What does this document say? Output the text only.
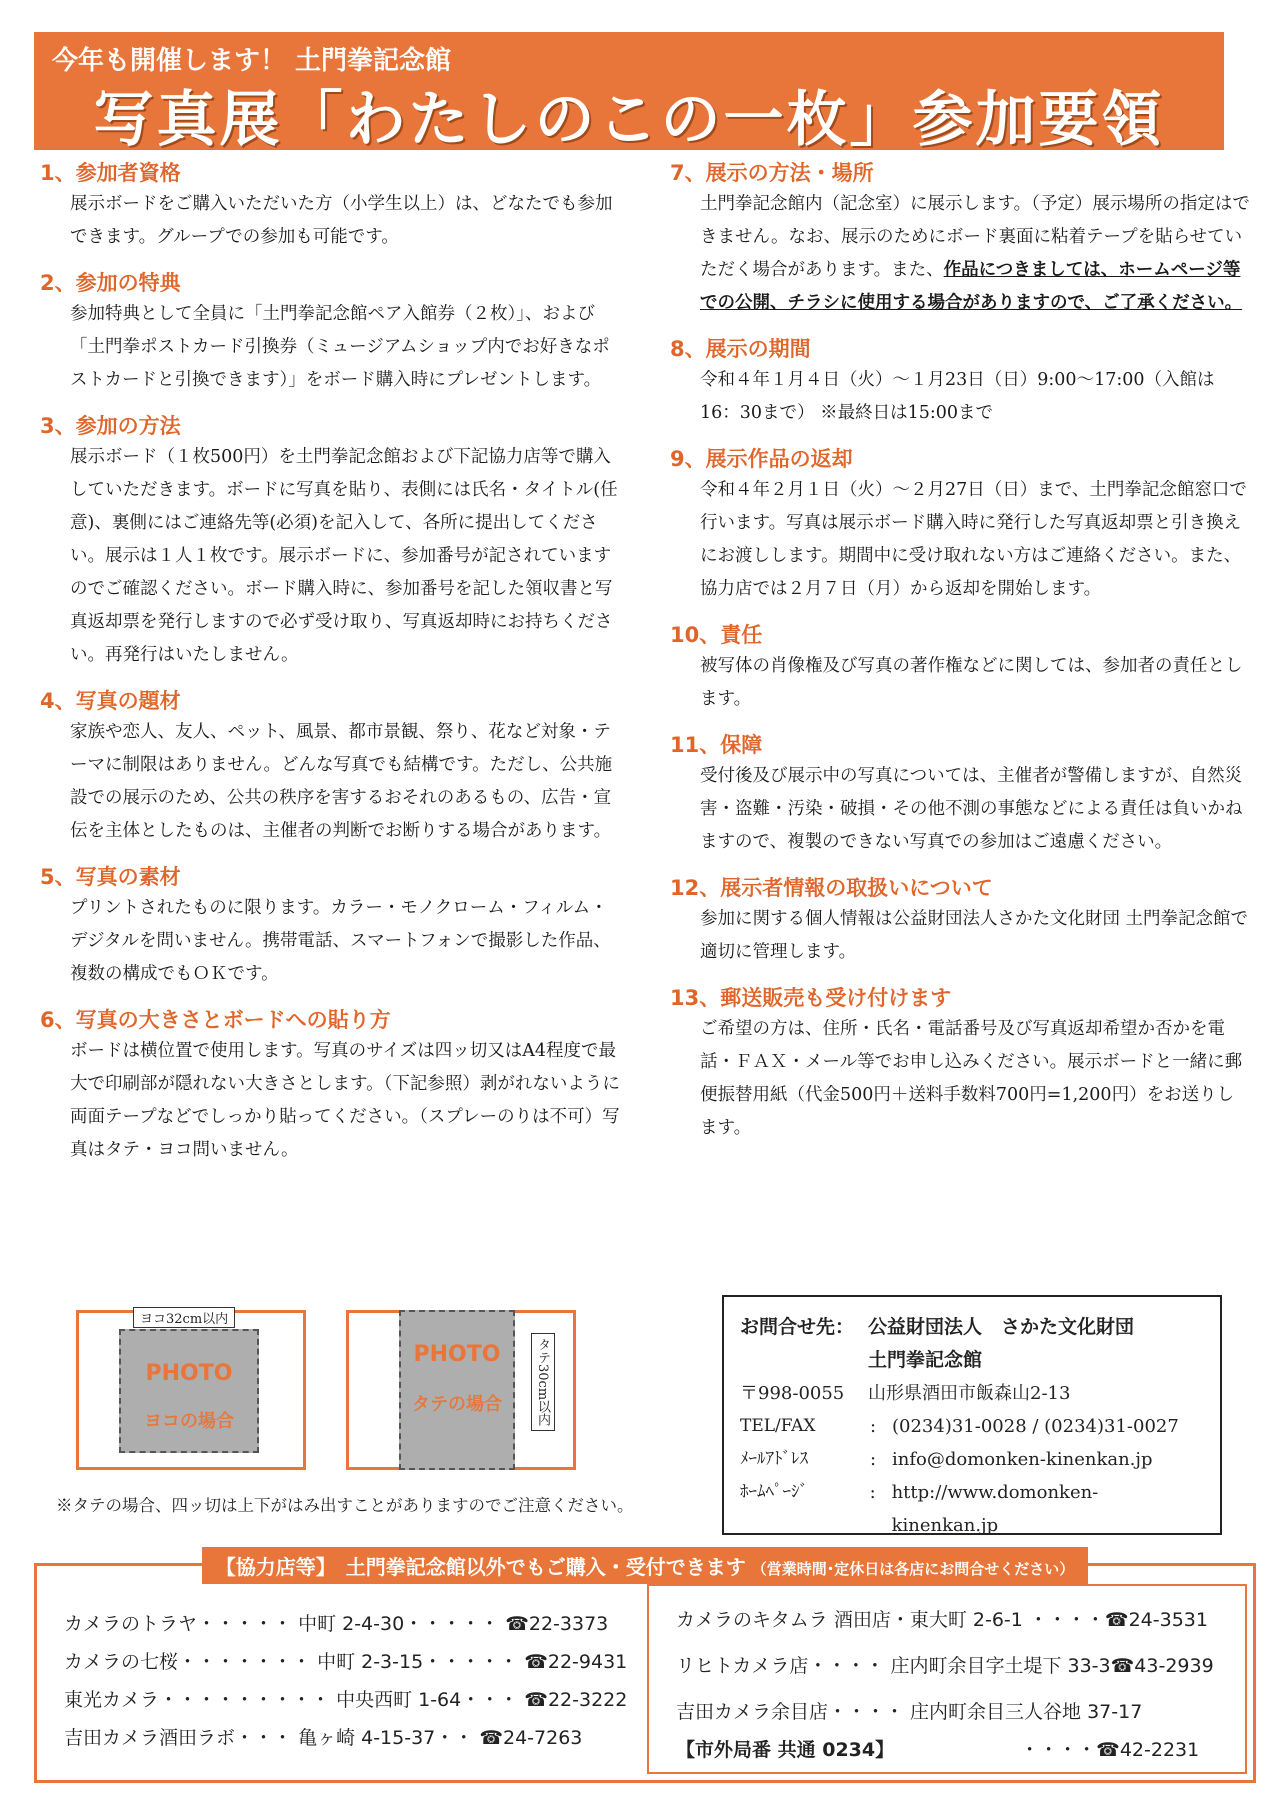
今年も開催します！ 土門拳記念館
写真展「わたしのこの一枚」参加要領
1、参加者資格
展示ボードをご購入いただいた方（小学生以上）は、どなたでも参加できます。グループでの参加も可能です。
2、参加の特典
参加特典として全員に「土門拳記念館ペア入館券（２枚）」、および「土門拳ポストカード引換券（ミュージアムショップ内でお好きなポストカードと引換できます）」をボード購入時にプレゼントします。
3、参加の方法
展示ボード（１枚500円）を土門拳記念館および下記協力店等で購入していただきます。ボードに写真を貼り、表側には氏名・タイトル(任意)、裏側にはご連絡先等(必須)を記入して、各所に提出してください。展示は１人１枚です。展示ボードに、参加番号が記されていますのでご確認ください。ボード購入時に、参加番号を記した領収書と写真返却票を発行しますので必ず受け取り、写真返却時にお持ちください。再発行はいたしません。
4、写真の題材
家族や恋人、友人、ペット、風景、都市景観、祭り、花など対象・テーマに制限はありません。どんな写真でも結構です。ただし、公共施設での展示のため、公共の秩序を害するおそれのあるもの、広告・宣伝を主体としたものは、主催者の判断でお断りする場合があります。
5、写真の素材
プリントされたものに限ります。カラー・モノクローム・フィルム・デジタルを問いません。携帯電話、スマートフォンで撮影した作品、複数の構成でもＯＫです。
6、写真の大きさとボードへの貼り方
ボードは横位置で使用します。写真のサイズは四ッ切又はA4程度で最大で印刷部が隠れない大きさとします。（下記参照）剥がれないように両面テープなどでしっかり貼ってください。（スプレーのりは不可）写真はタテ・ヨコ問いません。
7、展示の方法・場所
土門拳記念館内（記念室）に展示します。（予定）展示場所の指定はできません。なお、展示のためにボード裏面に粘着テープを貼らせていただく場合があります。また、作品につきましては、ホームページ等での公開、チラシに使用する場合がありますので、ご了承ください。
8、展示の期間
令和４年１月４日（火）～１月23日（日）9:00～17:00（入館は16：30まで） ※最終日は15:00まで
9、展示作品の返却
令和４年２月１日（火）～２月27日（日）まで、土門拳記念館窓口で行います。写真は展示ボード購入時に発行した写真返却票と引き換えにお渡しします。期間中に受け取れない方はご連絡ください。また、協力店では２月７日（月）から返却を開始します。
10、責任
被写体の肖像権及び写真の著作権などに関しては、参加者の責任とします。
11、保障
受付後及び展示中の写真については、主催者が警備しますが、自然災害・盗難・汚染・破損・その他不測の事態などによる責任は負いかねますので、複製のできない写真での参加はご遠慮ください。
12、展示者情報の取扱いについて
参加に関する個人情報は公益財団法人さかた文化財団 土門拳記念館で適切に管理します。
13、郵送販売も受け付けます
ご希望の方は、住所・氏名・電話番号及び写真返却希望か否かを電話・ＦＡＸ・メール等でお申し込みください。展示ボードと一緒に郵便振替用紙（代金500円＋送料手数料700円=1,200円）をお送りします。
ヨコ32cm以内
PHOTO
ヨコの場合
PHOTO
タテの場合	タテ30cm以内
※タテの場合、四ッ切は上下がはみ出すことがありますのでご注意ください。
お問合せ先： 公益財団法人　さかた文化財団
土門拳記念館
〒998-0055	山形県酒田市飯森山2-13
TEL/FAX	: (0234)31-0028 / (0234)31-0027
ﾒｰﾙｱﾄﾞﾚｽ	: info@domonken-kinenkan.jp
ﾎｰﾑﾍﾟｰｼﾞ	: http://www.domonken-kinenkan.jp
【協力店等】　土門拳記念館以外でもご購入・受付できます （営業時間･定休日は各店にお問合せください）
カメラのトラヤ・・・・・ 中町 2-4-30・・・・・ ☎22-3373
カメラの七桜・・・・・・・ 中町 2-3-15・・・・・ ☎22-9431
東光カメラ・・・・・・・・・ 中央西町 1-64・・・ ☎22-3222
吉田カメラ酒田ラボ・・・ 亀ヶ崎 4-15-37・・ ☎24-7263
カメラのキタムラ 酒田店・東大町 2-6-1 ・・・・☎24-3531
リヒトカメラ店・・・・ 庄内町余目字土堤下 33-3☎43-2939
吉田カメラ余目店・・・・ 庄内町余目三人谷地 37-17
【市外局番 共通 0234】	・・・・☎42-2231
